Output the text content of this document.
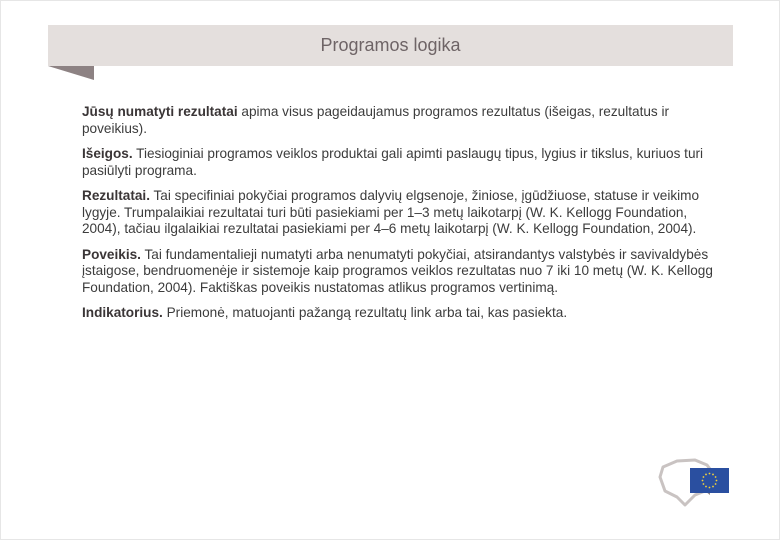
Programos logika

Jūsų numatyti rezultatai apima visus pageidaujamus programos rezultatus (išeigas, rezultatus ir poveikius).

Išeigos. Tiesioginiai programos veiklos produktai gali apimti paslaugų tipus, lygius ir tikslus, kuriuos turi pasiūlyti programa.

Rezultatai. Tai specifiniai pokyčiai programos dalyvių elgsenoje, žiniose, įgūdžiuose, statuse ir veikimo lygyje. Trumpalaikiai rezultatai turi būti pasiekiami per 1–3 metų laikotarpį (W. K. Kellogg Foundation, 2004), tačiau ilgalaikiai rezultatai pasiekiami per 4–6 metų laikotarpį (W. K. Kellogg Foundation, 2004).

Poveikis. Tai fundamentalieji numatyti arba nenumatyti pokyčiai, atsirandantys valstybės ir savivaldybės įstaigose, bendruomenėje ir sistemoje kaip programos veiklos rezultatas nuo 7 iki 10 metų (W. K. Kellogg Foundation, 2004). Faktiškas poveikis nustatomas atlikus programos vertinimą.

Indikatorius. Priemonė, matuojanti pažangą rezultatų link arba tai, kas pasiekta.
